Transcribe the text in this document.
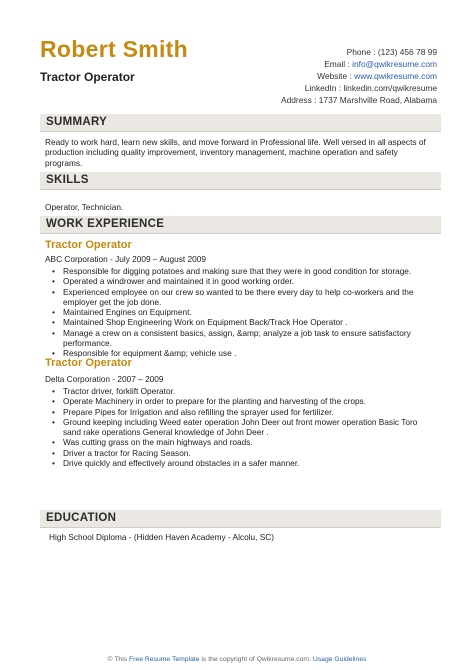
Robert Smith
Tractor Operator
Phone : (123) 456 78 99
Email : info@qwikresume.com
Website : www.qwikresume.com
LinkedIn : linkedin.com/qwikresume
Address : 1737 Marshville Road, Alabama
SUMMARY
Ready to work hard, learn new skills, and move forward in Professional life. Well versed in all aspects of production including quality improvement, inventory management, machine operation and safety programs.
SKILLS
Operator, Technician.
WORK EXPERIENCE
Tractor Operator
ABC Corporation - July 2009 – August 2009
• Responsible for digging potatoes and making sure that they were in good condition for storage.
• Operated a windrower and maintained it in good working order.
• Experienced employee on our crew so wanted to be there every day to help co-workers and the employer get the job done.
• Maintained Engines on Equipment.
• Maintained Shop Engineering Work on Equipment Back/Track Hoe Operator .
• Manage a crew on a consistent basics, assign, &amp; analyze a job task to ensure satisfactory performance.
• Responsible for equipment &amp; vehicle use .
Tractor Operator
Delta Corporation - 2007 – 2009
• Tractor driver, forklift Operator.
• Operate Machinery in order to prepare for the planting and harvesting of the crops.
• Prepare Pipes for Irrigation and also refilling the sprayer used for fertilizer.
• Ground keeping including Weed eater operation John Deer out front mower operation Basic Toro sand rake operations General knowledge of John Deer .
• Was cutting grass on the main highways and roads.
• Driver a tractor for Racing Season.
• Drive quickly and effectively around obstacles in a safer manner.
EDUCATION
High School Diploma - (Hidden Haven Academy - Alcolu, SC)
© This Free Resume Template is the copyright of Qwikresume.com. Usage Guidelines
